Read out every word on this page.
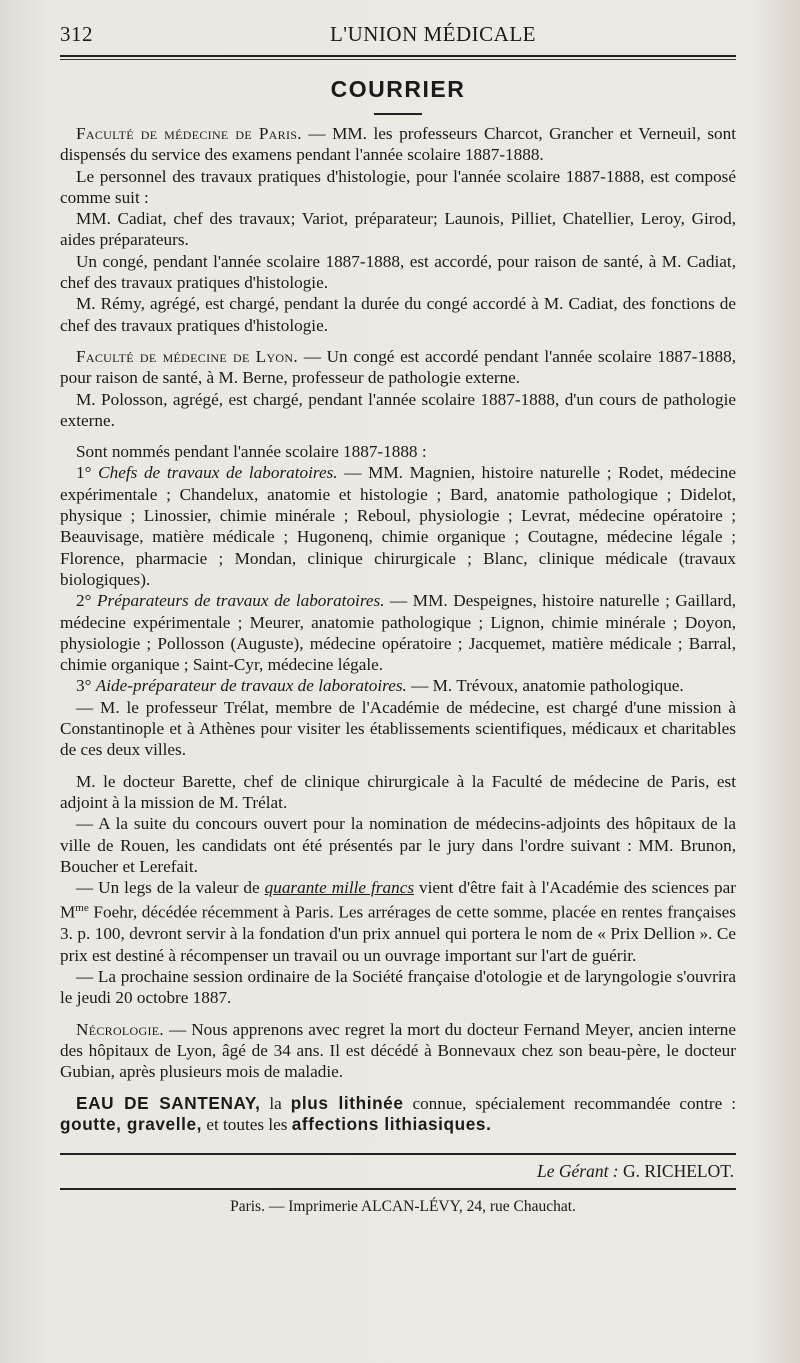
312	L'UNION MÉDICALE
COURRIER

Faculté de médecine de Paris. — MM. les professeurs Charcot, Grancher et Verneuil, sont dispensés du service des examens pendant l'année scolaire 1887-1888.

Le personnel des travaux pratiques d'histologie, pour l'année scolaire 1887-1888, est composé comme suit :

MM. Cadiat, chef des travaux; Variot, préparateur; Launois, Pilliet, Chatellier, Leroy, Girod, aides préparateurs.

Un congé, pendant l'année scolaire 1887-1888, est accordé, pour raison de santé, à M. Cadiat, chef des travaux pratiques d'histologie.

M. Rémy, agrégé, est chargé, pendant la durée du congé accordé à M. Cadiat, des fonctions de chef des travaux pratiques d'histologie.

Faculté de médecine de Lyon. — Un congé est accordé pendant l'année scolaire 1887-1888, pour raison de santé, à M. Berne, professeur de pathologie externe.

M. Polosson, agrégé, est chargé, pendant l'année scolaire 1887-1888, d'un cours de pathologie externe.

Sont nommés pendant l'année scolaire 1887-1888 :

1° Chefs de travaux de laboratoires. — MM. Magnien, histoire naturelle ; Rodet, médecine expérimentale ; Chandelux, anatomie et histologie ; Bard, anatomie pathologique ; Didelot, physique ; Linossier, chimie minérale ; Reboul, physiologie ; Levrat, médecine opératoire ; Beauvisage, matière médicale ; Hugonenq, chimie organique ; Coutagne, médecine légale ; Florence, pharmacie ; Mondan, clinique chirurgicale ; Blanc, clinique médicale (travaux biologiques).

2° Préparateurs de travaux de laboratoires. — MM. Despeignes, histoire naturelle ; Gaillard, médecine expérimentale ; Meurer, anatomie pathologique ; Lignon, chimie minérale ; Doyon, physiologie ; Pollosson (Auguste), médecine opératoire ; Jacquemet, matière médicale ; Barral, chimie organique ; Saint-Cyr, médecine légale.

3° Aide-préparateur de travaux de laboratoires. — M. Trévoux, anatomie pathologique.

— M. le professeur Trélat, membre de l'Académie de médecine, est chargé d'une mission à Constantinople et à Athènes pour visiter les établissements scientifiques, médicaux et charitables de ces deux villes.

M. le docteur Barette, chef de clinique chirurgicale à la Faculté de médecine de Paris, est adjoint à la mission de M. Trélat.

— A la suite du concours ouvert pour la nomination de médecins-adjoints des hôpitaux de la ville de Rouen, les candidats ont été présentés par le jury dans l'ordre suivant : MM. Brunon, Boucher et Lerefait.

— Un legs de la valeur de quarante mille francs vient d'être fait à l'Académie des sciences par $M^{me}$ Foehr, décédée récemment à Paris. Les arrérages de cette somme, placée en rentes françaises 3. p. 100, devront servir à la fondation d'un prix annuel qui portera le nom de « Prix Dellion ». Ce prix est destiné à récompenser un travail ou un ouvrage important sur l'art de guérir.

— La prochaine session ordinaire de la Société française d'otologie et de laryngologie s'ouvrira le jeudi 20 octobre 1887.

Nécrologie. — Nous apprenons avec regret la mort du docteur Fernand Meyer, ancien interne des hôpitaux de Lyon, âgé de 34 ans. Il est décédé à Bonnevaux chez son beau-père, le docteur Gubian, après plusieurs mois de maladie.

EAU DE SANTENAY, la plus lithinée connue, spécialement recommandée contre : goutte, gravelle, et toutes les affections lithiasiques.

Le Gérant : G. RICHELOT.
Paris. — Imprimerie ALCAN-LÉVY, 24, rue Chauchat.
